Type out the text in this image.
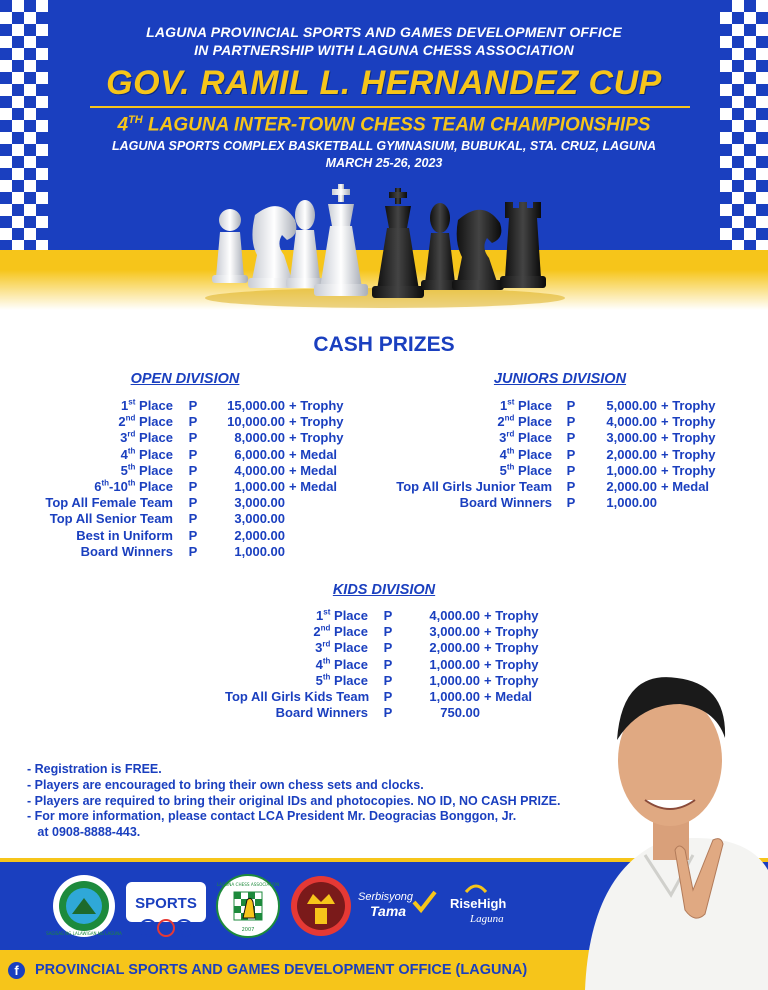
LAGUNA PROVINCIAL SPORTS AND GAMES DEVELOPMENT OFFICE
IN PARTNERSHIP WITH LAGUNA CHESS ASSOCIATION
GOV. RAMIL L. HERNANDEZ CUP
4TH LAGUNA INTER-TOWN CHESS TEAM CHAMPIONSHIPS
LAGUNA SPORTS COMPLEX BASKETBALL GYMNASIUM, BUBUKAL, STA. CRUZ, LAGUNA
MARCH 25-26, 2023
CASH PRIZES
OPEN DIVISION
1st Place	P	15,000.00 + Trophy
2nd Place	P	10,000.00 + Trophy
3rd Place	P	8,000.00 + Trophy
4th Place	P	6,000.00 + Medal
5th Place	P	4,000.00 + Medal
6th-10th Place	P	1,000.00 + Medal
Top All Female Team	P	3,000.00
Top All Senior Team	P	3,000.00
Best in Uniform	P	2,000.00
Board Winners	P	1,000.00
JUNIORS DIVISION
1st Place	P	5,000.00 + Trophy
2nd Place	P	4,000.00 + Trophy
3rd Place	P	3,000.00 + Trophy
4th Place	P	2,000.00 + Trophy
5th Place	P	1,000.00 + Trophy
Top All Girls Junior Team	P	2,000.00 + Medal
Board Winners	P	1,000.00
KIDS DIVISION
1st Place	P	4,000.00 + Trophy
2nd Place	P	3,000.00 + Trophy
3rd Place	P	2,000.00 + Trophy
4th Place	P	1,000.00 + Trophy
5th Place	P	1,000.00 + Trophy
Top All Girls Kids Team	P	1,000.00 + Medal
Board Winners	P	750.00
- Registration is FREE.
- Players are encouraged to bring their own chess sets and clocks.
- Players are required to bring their original IDs and photocopies. NO ID, NO CASH PRIZE.
- For more information, please contact LCA President Mr. Deogracias Bonggon, Jr.
at 0908-8888-443.
SAGISAG NG LALAWIGAN NG LAGUNA
SPORTS
LAGUNA CHESS ASSOCIATION
2007
Serbisyong
Tama	RiseHigh
Laguna
f	PROVINCIAL SPORTS AND GAMES DEVELOPMENT OFFICE (LAGUNA)
